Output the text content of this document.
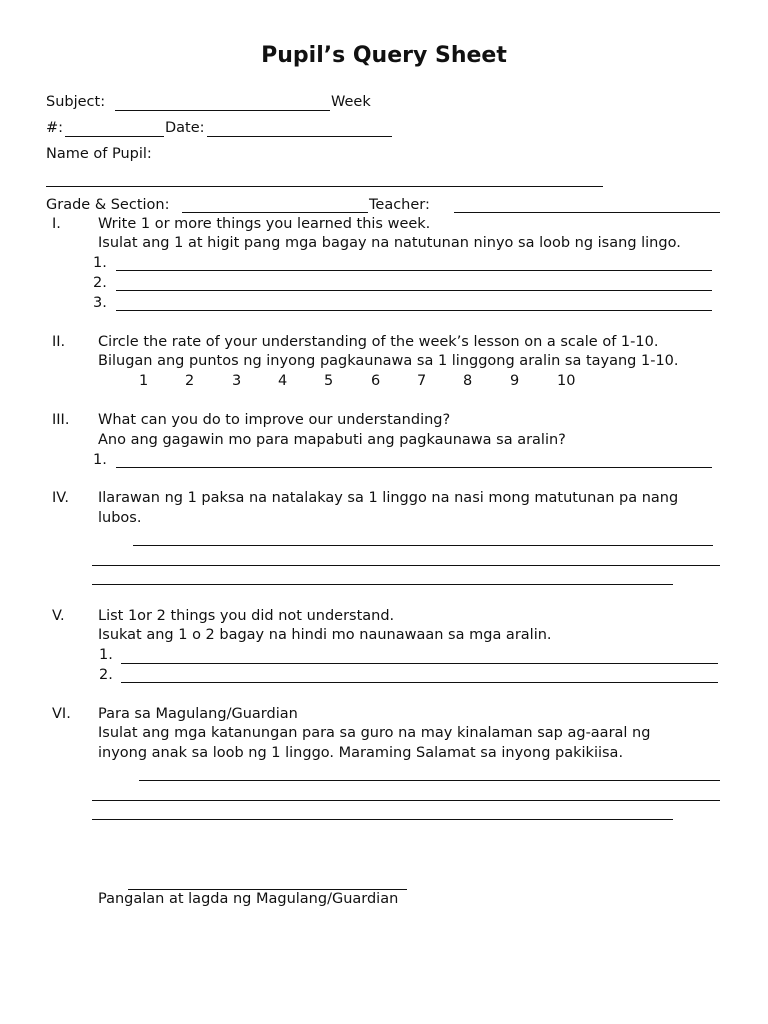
Pupil’s Query Sheet
Subject:	Week
#:	Date:
Name of Pupil:
Grade & Section:	Teacher:
I.	Write 1 or more things you learned this week.
Isulat ang 1 at higit pang mga bagay na natutunan ninyo sa loob ng isang lingo.
1.
2.
3.
II. Circle the rate of your understanding of the week’s lesson on a scale of 1-10.
Bilugan ang puntos ng inyong pagkaunawa sa 1 linggong aralin sa tayang 1-10.
1	2	3	4	5	6	7	8	9	10
III. What can you do to improve our understanding?
Ano ang gagawin mo para mapabuti ang pagkaunawa sa aralin?
1.
IV. Ilarawan ng 1 paksa na natalakay sa 1 linggo na nasi mong matutunan pa nang
lubos.
V. List 1or 2 things you did not understand.
Isukat ang 1 o 2 bagay na hindi mo naunawaan sa mga aralin.
1.
2.
VI. Para sa Magulang/Guardian
Isulat ang mga katanungan para sa guro na may kinalaman sap ag-aaral ng
inyong anak sa loob ng 1 linggo. Maraming Salamat sa inyong pakikiisa.
Pangalan at lagda ng Magulang/Guardian
